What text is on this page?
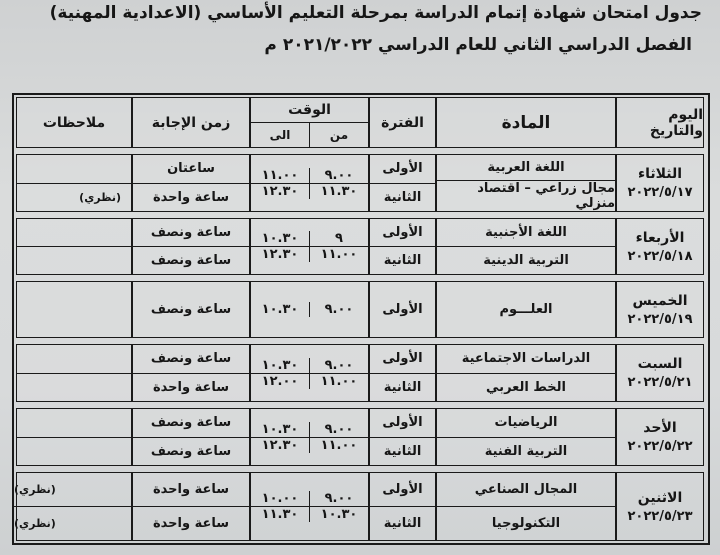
جدول امتحان شهادة إتمام الدراسة بمرحلة التعليم الأساسي (الاعدادية المهنية)
الفصل الدراسي الثاني للعام الدراسي ٢٠٢١/٢٠٢٢ م
اليوم والتاريخ
المادة
الفترة
الوقت
من
الى
زمن الإجابة
ملاحظات
الثلاثاء
٢٠٢٢/٥/١٧
اللغة العربية
مجال زراعي – اقتصاد منزلي
الأولى
الثانية
٩.٠٠
١١.٣٠
١١.٠٠
١٢.٣٠
ساعتان
ساعة واحدة
(نظري)
الأربعاء
٢٠٢٢/٥/١٨
اللغة الأجنبية
التربية الدينية
الأولى
الثانية
٩
١١.٠٠
١٠.٣٠
١٢.٣٠
ساعة ونصف
ساعة ونصف
الخميس
٢٠٢٢/٥/١٩
العلـــوم
الأولى
٩.٠٠
١٠.٣٠
ساعة ونصف
السبت
٢٠٢٢/٥/٢١
الدراسات الاجتماعية
الخط العربي
الأولى
الثانية
٩.٠٠
١١.٠٠
١٠.٣٠
١٢.٠٠
ساعة ونصف
ساعة واحدة
الأحد
٢٠٢٢/٥/٢٢
الرياضيات
التربية الفنية
الأولى
الثانية
٩.٠٠
١١.٠٠
١٠.٣٠
١٢.٣٠
ساعة ونصف
ساعة ونصف
الاثنين
٢٠٢٢/٥/٢٣
المجال الصناعي
التكنولوجيا
الأولى
الثانية
٩.٠٠
١٠.٣٠
١٠.٠٠
١١.٣٠
ساعة واحدة
ساعة واحدة
(نظري)
(نظري)
